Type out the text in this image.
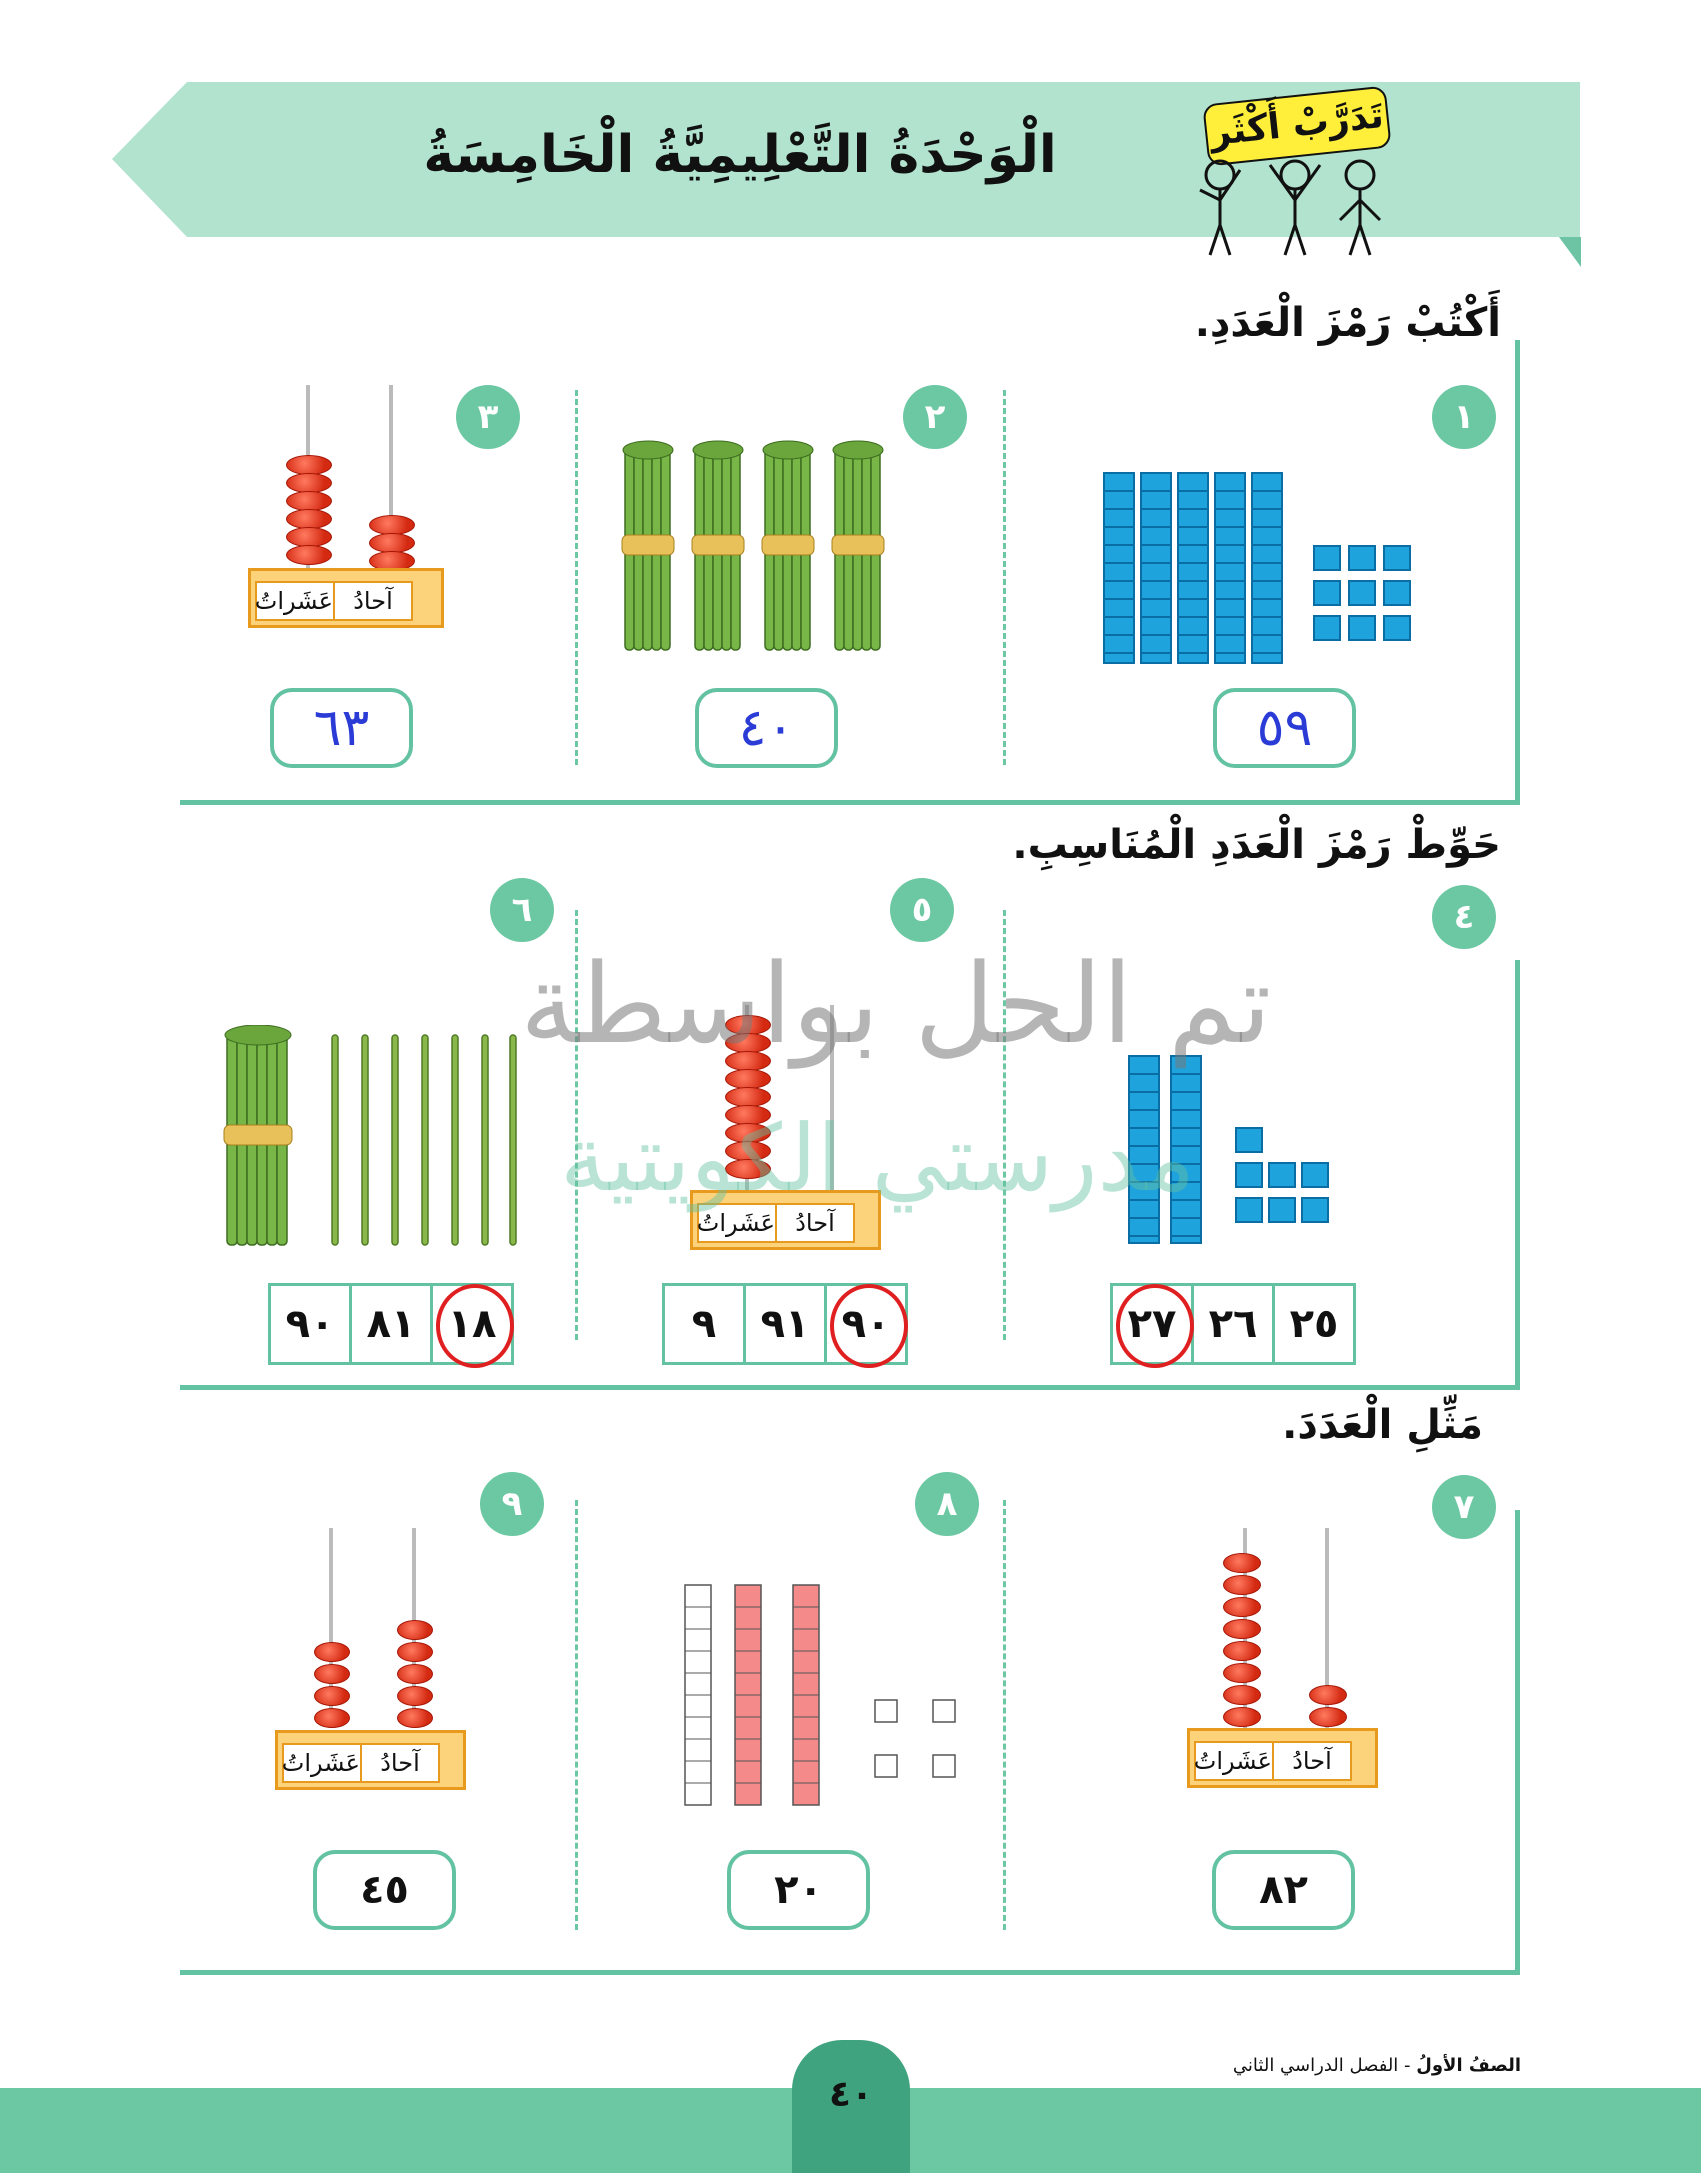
الْوَحْدَةُ التَّعْلِيمِيَّةُ الْخَامِسَةُ
تَدَرَّبْ أَكْثَر
أَكْتُبْ رَمْزَ الْعَدَدِ.
١
٥٩
٢
٤٠
٣
عَشَراتُ آحادُ
٦٣
حَوِّطْ رَمْزَ الْعَدَدِ الْمُنَاسِبِ.
٤
٥
٦
٢٥
٢٦
٢٧
عَشَراتُ آحادُ
٩٠
٩١
٩
١٨
٨١
٩٠
تم الحل بواسطة
مدرستي الكويتية
مَثِّلِ الْعَدَدَ.
٧
٨
٩
عَشَراتُ آحادُ
٨٢
٢٠
عَشَراتُ آحادُ
٤٥
٤٠
الصفُ الأولُ - الفصل الدراسي الثاني
